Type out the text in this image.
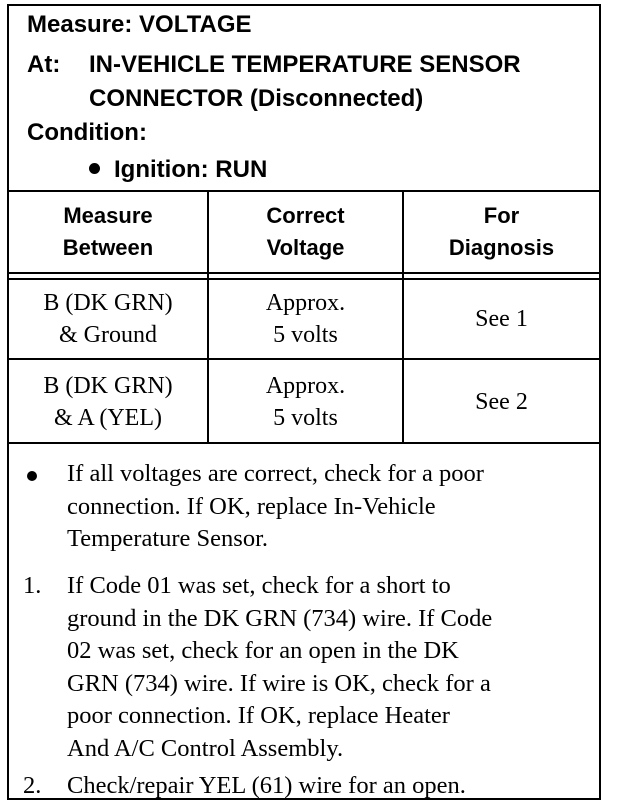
Measure: VOLTAGE
At: IN-VEHICLE TEMPERATURE SENSOR
CONNECTOR (Disconnected)
Condition:
Ignition: RUN
Measure
Between
Correct
Voltage
For
Diagnosis
B (DK GRN)
& Ground
Approx.
5 volts
See 1
B (DK GRN)
& A (YEL)
Approx.
5 volts
See 2
If all voltages are correct, check for a poor
connection. If OK, replace In-Vehicle
Temperature Sensor.
1.	If Code 01 was set, check for a short to
ground in the DK GRN (734) wire. If Code
02 was set, check for an open in the DK
GRN (734) wire. If wire is OK, check for a
poor connection. If OK, replace Heater
And A/C Control Assembly.
2.	Check/repair YEL (61) wire for an open.
